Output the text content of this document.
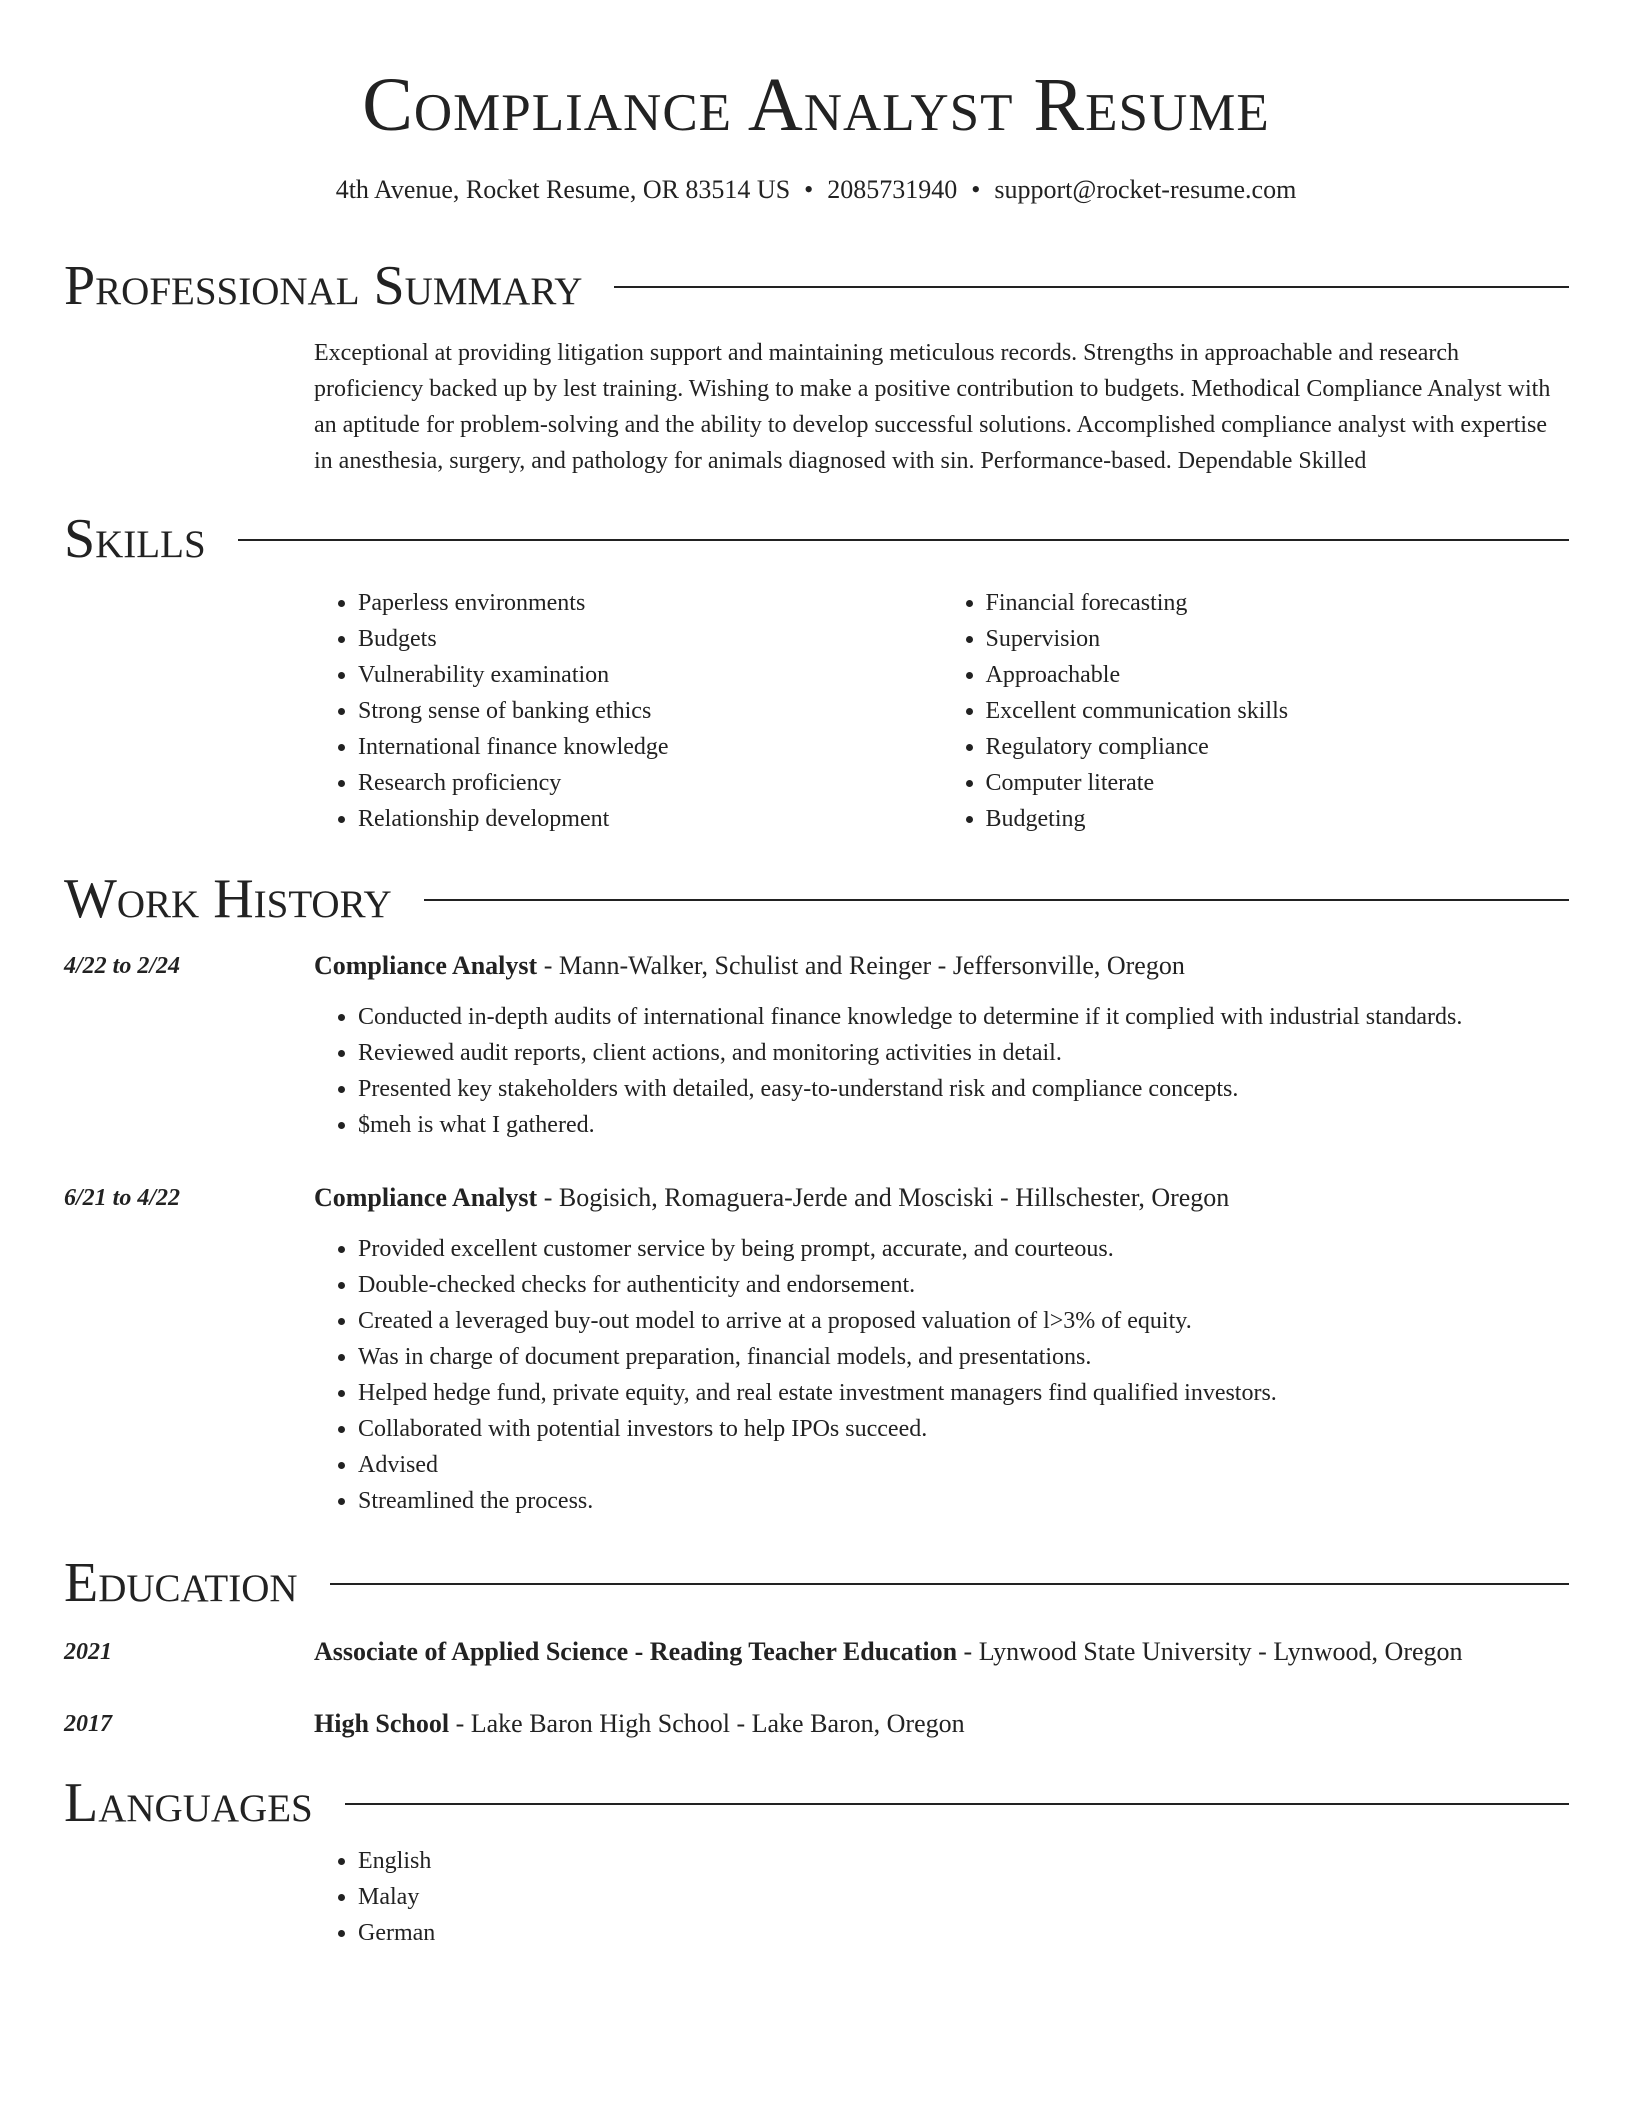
Compliance Analyst Resume
4th Avenue, Rocket Resume, OR 83514 US • 2085731940 • support@rocket-resume.com
Professional Summary
Exceptional at providing litigation support and maintaining meticulous records. Strengths in approachable and research proficiency backed up by lest training. Wishing to make a positive contribution to budgets. Methodical Compliance Analyst with an aptitude for problem-solving and the ability to develop successful solutions. Accomplished compliance analyst with expertise in anesthesia, surgery, and pathology for animals diagnosed with sin. Performance-based. Dependable Skilled
Skills
• Paperless environments
• Budgets
• Vulnerability examination
• Strong sense of banking ethics
• International finance knowledge
• Research proficiency
• Relationship development
• Financial forecasting
• Supervision
• Approachable
• Excellent communication skills
• Regulatory compliance
• Computer literate
• Budgeting
Work History
4/22 to 2/24	Compliance Analyst - Mann-Walker, Schulist and Reinger - Jeffersonville, Oregon
• Conducted in-depth audits of international finance knowledge to determine if it complied with industrial standards.
• Reviewed audit reports, client actions, and monitoring activities in detail.
• Presented key stakeholders with detailed, easy-to-understand risk and compliance concepts.
• $meh is what I gathered.
6/21 to 4/22	Compliance Analyst - Bogisich, Romaguera-Jerde and Mosciski - Hillschester, Oregon
• Provided excellent customer service by being prompt, accurate, and courteous.
• Double-checked checks for authenticity and endorsement.
• Created a leveraged buy-out model to arrive at a proposed valuation of l>3% of equity.
• Was in charge of document preparation, financial models, and presentations.
• Helped hedge fund, private equity, and real estate investment managers find qualified investors.
• Collaborated with potential investors to help IPOs succeed.
• Advised
• Streamlined the process.
Education
2021	Associate of Applied Science - Reading Teacher Education - Lynwood State University - Lynwood, Oregon
2017	High School - Lake Baron High School - Lake Baron, Oregon
Languages
• English
• Malay
• German
